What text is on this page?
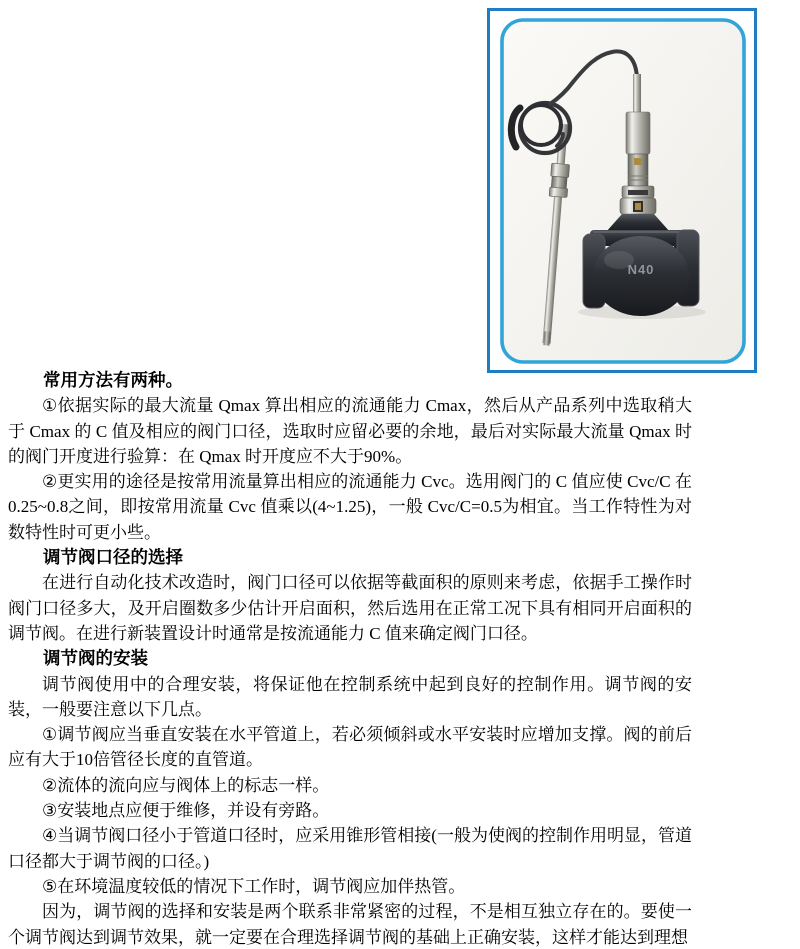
N40

常用方法有两种。

①依据实际的最大流量 Qmax 算出相应的流通能力 Cmax，然后从产品系列中选取稍大于 Cmax 的 C 值及相应的阀门口径，选取时应留必要的余地，最后对实际最大流量 Qmax 时的阀门开度进行验算：在 Qmax 时开度应不大于90%。

②更实用的途径是按常用流量算出相应的流通能力 Cvc。选用阀门的 C 值应使 Cvc/C 在0.25~0.8之间，即按常用流量 Cvc 值乘以(4~1.25)，一般 Cvc/C=0.5为相宜。当工作特性为对数特性时可更小些。

调节阀口径的选择

在进行自动化技术改造时，阀门口径可以依据等截面积的原则来考虑，依据手工操作时阀门口径多大，及开启圈数多少估计开启面积，然后选用在正常工况下具有相同开启面积的调节阀。在进行新装置设计时通常是按流通能力 C 值来确定阀门口径。

调节阀的安装

调节阀使用中的合理安装，将保证他在控制系统中起到良好的控制作用。调节阀的安装，一般要注意以下几点。

①调节阀应当垂直安装在水平管道上，若必须倾斜或水平安装时应增加支撑。阀的前后应有大于10倍管径长度的直管道。

②流体的流向应与阀体上的标志一样。

③安装地点应便于维修，并设有旁路。

④当调节阀口径小于管道口径时，应采用锥形管相接(一般为使阀的控制作用明显，管道口径都大于调节阀的口径。)

⑤在环境温度较低的情况下工作时，调节阀应加伴热管。

因为，调节阀的选择和安装是两个联系非常紧密的过程，不是相互独立存在的。要使一个调节阀达到调节效果，就一定要在合理选择调节阀的基础上正确安装，这样才能达到理想
